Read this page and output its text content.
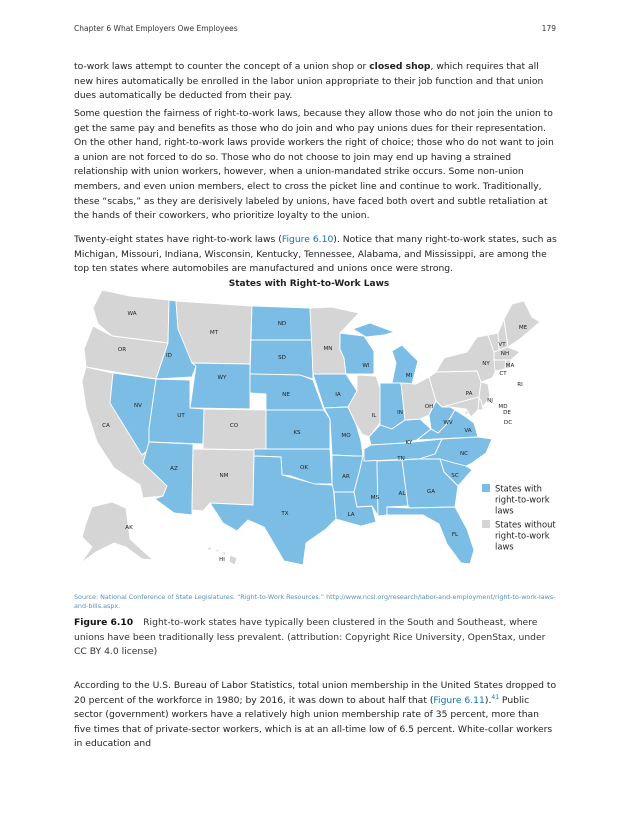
Chapter 6 What Employers Owe Employees	179

to-work laws attempt to counter the concept of a union shop or closed shop, which requires that all new hires automatically be enrolled in the labor union appropriate to their job function and that union dues automatically be deducted from their pay.

Some question the fairness of right-to-work laws, because they allow those who do not join the union to get the same pay and benefits as those who do join and who pay unions dues for their representation. On the other hand, right-to-work laws provide workers the right of choice; those who do not want to join a union are not forced to do so. Those who do not choose to join may end up having a strained relationship with union workers, however, when a union-mandated strike occurs. Some non-union members, and even union members, elect to cross the picket line and continue to work. Traditionally, these “scabs,” as they are derisively labeled by unions, have faced both overt and subtle retaliation at the hands of their coworkers, who prioritize loyalty to the union.

Twenty-eight states have right-to-work laws (Figure 6.10). Notice that many right-to-work states, such as Michigan, Missouri, Indiana, Wisconsin, Kentucky, Tennessee, Alabama, and Mississippi, are among the top ten states where automobiles are manufactured and unions once were strong.

States with Right-to-Work Laws
WA
OR
CA
ID
NV
MT
WY
UT
AZ
CO
NM
ND
SD
NE
KS
OK
TX
MN
IA
MO
AR
LA
WI
IL
MS
MI
IN
KY
TN
AL
OH
WV
VA
NC
SC
GA
FL
PA
NY
VT
NH
ME
MA
CT
RI
NJ
DE
MD
DC
AK
HI
States with
right-to-work
laws
States without
right-to-work
laws
Source: National Conference of State Legislatures. “Right-to-Work Resources.” http://www.ncsl.org/research/labor-and-employment/right-to-work-laws-and-bills.aspx.

Figure 6.10 Right-to-work states have typically been clustered in the South and Southeast, where unions have been traditionally less prevalent. (attribution: Copyright Rice University, OpenStax, under CC BY 4.0 license)

According to the U.S. Bureau of Labor Statistics, total union membership in the United States dropped to 20 percent of the workforce in 1980; by 2016, it was down to about half that (Figure 6.11).$^{41}$ Public sector (government) workers have a relatively high union membership rate of 35 percent, more than five times that of private-sector workers, which is at an all-time low of 6.5 percent. White-collar workers in education and
